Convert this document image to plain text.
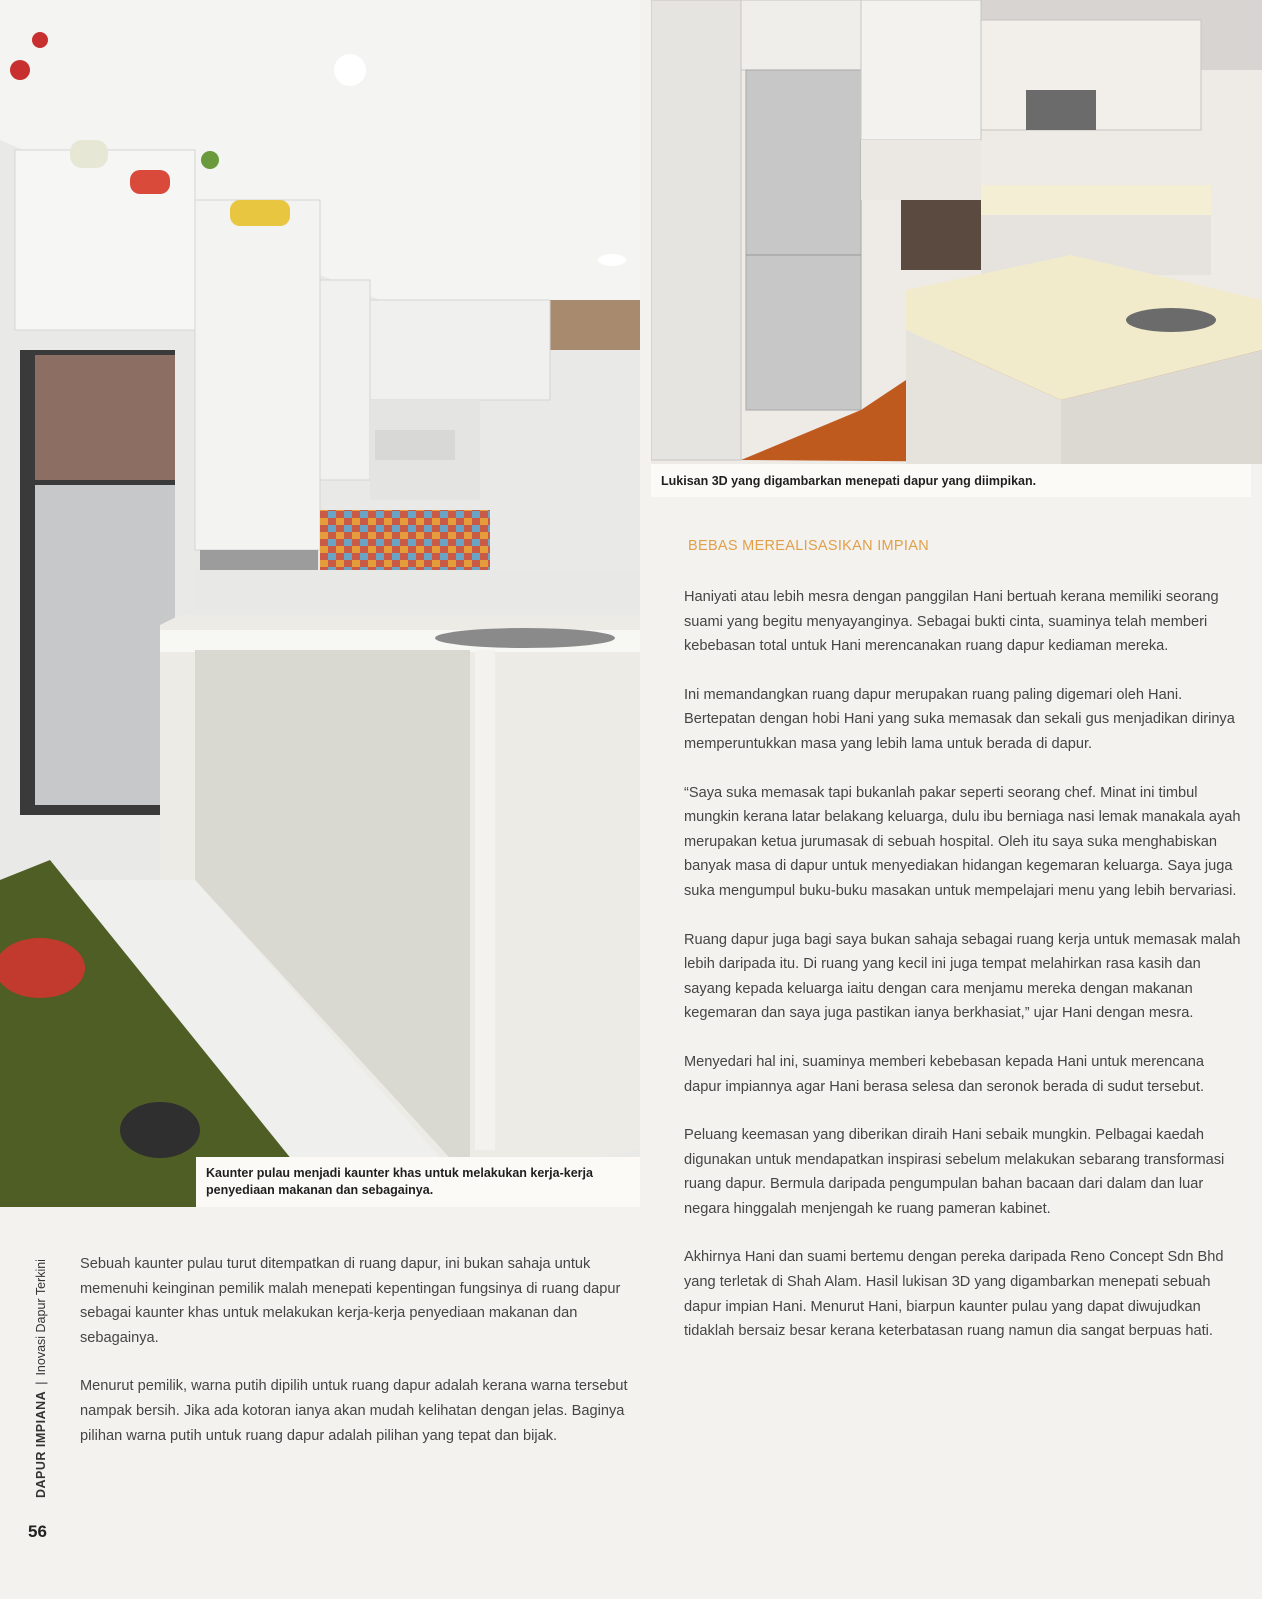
Kaunter pulau menjadi kaunter khas untuk melakukan kerja-kerja penyediaan makanan dan sebagainya.
Lukisan 3D yang digambarkan menepati dapur yang diimpikan.
BEBAS MEREALISASIKAN IMPIAN

Sebuah kaunter pulau turut ditempatkan di ruang dapur, ini bukan sahaja untuk memenuhi keinginan pemilik malah menepati kepentingan fungsinya di ruang dapur sebagai kaunter khas untuk melakukan kerja-kerja penyediaan makanan dan sebagainya.

Menurut pemilik, warna putih dipilih untuk ruang dapur adalah kerana warna tersebut nampak bersih. Jika ada kotoran ianya akan mudah kelihatan dengan jelas. Baginya pilihan warna putih untuk ruang dapur adalah pilihan yang tepat dan bijak.

Haniyati atau lebih mesra dengan panggilan Hani bertuah kerana memiliki seorang suami yang begitu menyayanginya. Sebagai bukti cinta, suaminya telah memberi kebebasan total untuk Hani merencanakan ruang dapur kediaman mereka.

Ini memandangkan ruang dapur merupakan ruang paling digemari oleh Hani. Bertepatan dengan hobi Hani yang suka memasak dan sekali gus menjadikan dirinya memperuntukkan masa yang lebih lama untuk berada di dapur.

“Saya suka memasak tapi bukanlah pakar seperti seorang chef. Minat ini timbul mungkin kerana latar belakang keluarga, dulu ibu berniaga nasi lemak manakala ayah merupakan ketua jurumasak di sebuah hospital. Oleh itu saya suka menghabiskan banyak masa di dapur untuk menyediakan hidangan kegemaran keluarga. Saya juga suka mengumpul buku-buku masakan untuk mempelajari menu yang lebih bervariasi.

Ruang dapur juga bagi saya bukan sahaja sebagai ruang kerja untuk memasak malah lebih daripada itu. Di ruang yang kecil ini juga tempat melahirkan rasa kasih dan sayang kepada keluarga iaitu dengan cara menjamu mereka dengan makanan kegemaran dan saya juga pastikan ianya berkhasiat,” ujar Hani dengan mesra.

Menyedari hal ini, suaminya memberi kebebasan kepada Hani untuk merencana dapur impiannya agar Hani berasa selesa dan seronok berada di sudut tersebut.

Peluang keemasan yang diberikan diraih Hani sebaik mungkin. Pelbagai kaedah digunakan untuk mendapatkan inspirasi sebelum melakukan sebarang transformasi ruang dapur. Bermula daripada pengumpulan bahan bacaan dari dalam dan luar negara hinggalah menjengah ke ruang pameran kabinet.

Akhirnya Hani dan suami bertemu dengan pereka daripada Reno Concept Sdn Bhd yang terletak di Shah Alam. Hasil lukisan 3D yang digambarkan menepati sebuah dapur impian Hani. Menurut Hani, biarpun kaunter pulau yang dapat diwujudkan tidaklah bersaiz besar kerana keterbatasan ruang namun dia sangat berpuas hati.

DAPUR IMPIANA|Inovasi Dapur Terkini
56
